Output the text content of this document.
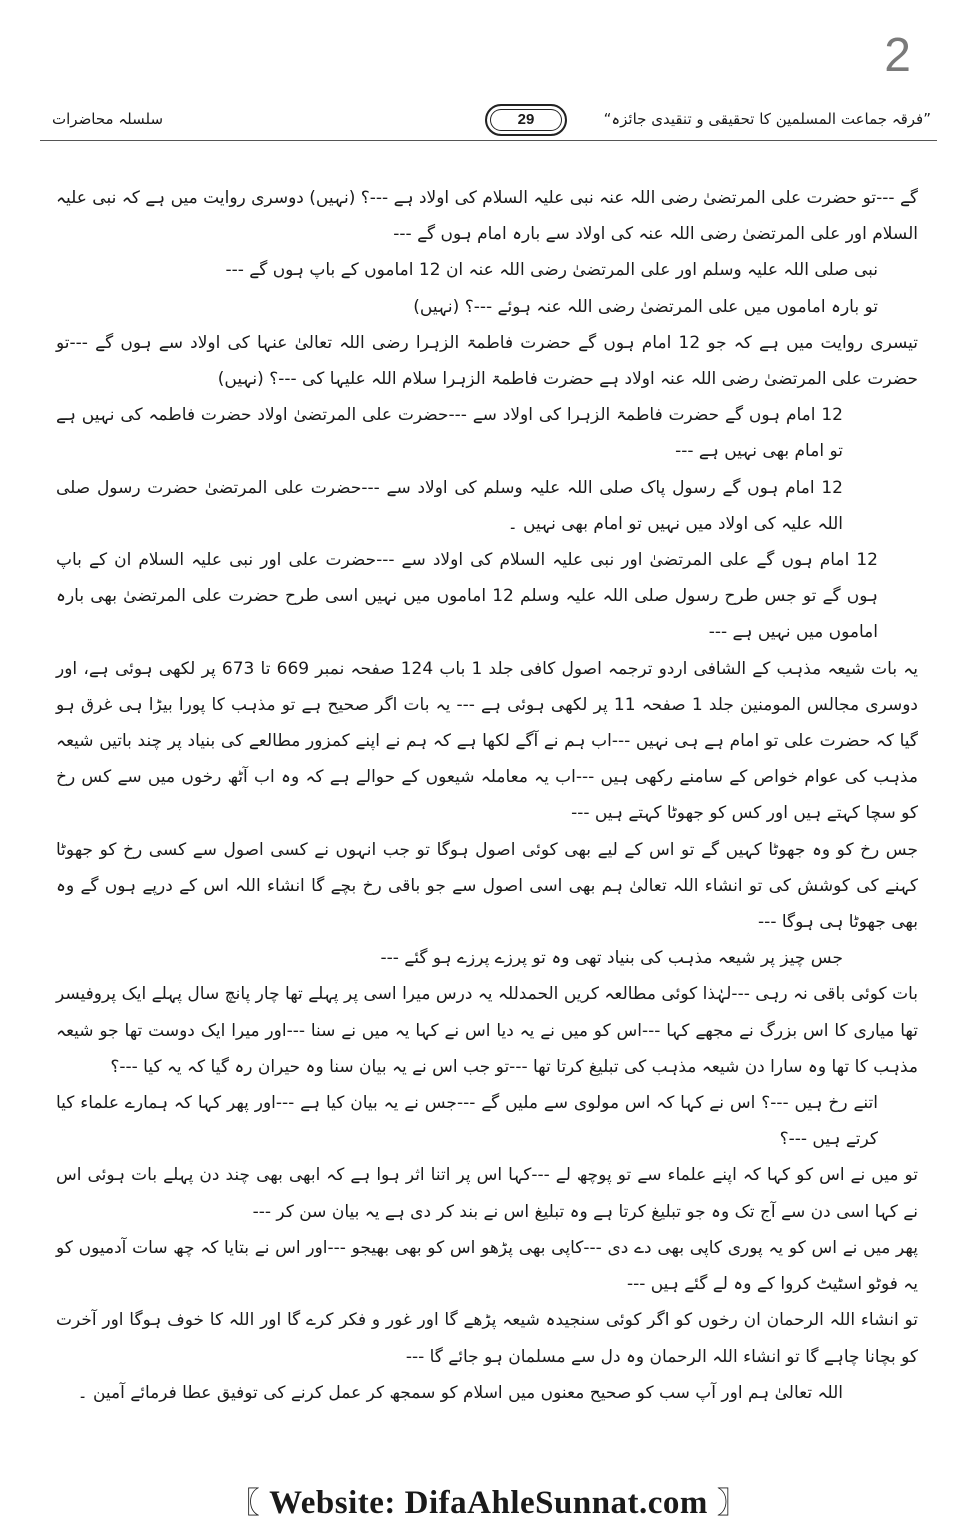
2
سلسلہ محاضرات	29	”فرقہ جماعت المسلمین کا تحقیقی و تنقیدی جائزہ“

گے ---تو حضرت علی المرتضیٰ رضی اللہ عنہ نبی علیہ السلام کی اولاد ہے ---؟ (نہیں) دوسری روایت میں ہے کہ نبی علیہ السلام اور علی المرتضیٰ رضی اللہ عنہ کی اولاد سے بارہ امام ہوں گے ---

نبی صلی اللہ علیہ وسلم اور علی المرتضیٰ رضی اللہ عنہ ان 12 اماموں کے باپ ہوں گے ---

تو بارہ اماموں میں علی المرتضیٰ رضی اللہ عنہ ہوئے ---؟ (نہیں)

تیسری روایت میں ہے کہ جو 12 امام ہوں گے حضرت فاطمۃ الزہرا رضی اللہ تعالیٰ عنہا کی اولاد سے ہوں گے ---تو حضرت علی المرتضیٰ رضی اللہ عنہ اولاد ہے حضرت فاطمۃ الزہرا سلام اللہ علیہا کی ---؟ (نہیں)

12 امام ہوں گے حضرت فاطمۃ الزہرا کی اولاد سے ---حضرت علی المرتضیٰ اولاد حضرت فاطمہ کی نہیں ہے تو امام بھی نہیں ہے ---

12 امام ہوں گے رسول پاک صلی اللہ علیہ وسلم کی اولاد سے ---حضرت علی المرتضیٰ حضرت رسول صلی اللہ علیہ کی اولاد میں نہیں تو امام بھی نہیں ۔

12 امام ہوں گے علی المرتضیٰ اور نبی علیہ السلام کی اولاد سے ---حضرت علی اور نبی علیہ السلام ان کے باپ ہوں گے تو جس طرح رسول صلی اللہ علیہ وسلم 12 اماموں میں نہیں اسی طرح حضرت علی المرتضیٰ بھی بارہ اماموں میں نہیں ہے ---

یہ بات شیعہ مذہب کے الشافی اردو ترجمہ اصول کافی جلد 1 باب 124 صفحہ نمبر 669 تا 673 پر لکھی ہوئی ہے، اور دوسری مجالس المومنین جلد 1 صفحہ 11 پر لکھی ہوئی ہے --- یہ بات اگر صحیح ہے تو مذہب کا پورا بیڑا ہی غرق ہو گیا کہ حضرت علی تو امام ہے ہی نہیں ---اب ہم نے آگے لکھا ہے کہ ہم نے اپنے کمزور مطالعے کی بنیاد پر چند باتیں شیعہ مذہب کی عوام خواص کے سامنے رکھی ہیں ---اب یہ معاملہ شیعوں کے حوالے ہے کہ وہ اب آٹھ رخوں میں سے کس رخ کو سچا کہتے ہیں اور کس کو جھوٹا کہتے ہیں ---

جس رخ کو وہ جھوٹا کہیں گے تو اس کے لیے بھی کوئی اصول ہوگا تو جب انہوں نے کسی اصول سے کسی رخ کو جھوٹا کہنے کی کوشش کی تو انشاء اللہ تعالیٰ ہم بھی اسی اصول سے جو باقی رخ بچے گا انشاء اللہ اس کے درپے ہوں گے وہ بھی جھوٹا ہی ہوگا ---

جس چیز پر شیعہ مذہب کی بنیاد تھی وہ تو پرزے پرزے ہو گئے ---

بات کوئی باقی نہ رہی ---لہٰذا کوئی مطالعہ کریں الحمدللہ یہ درس میرا اسی پر پہلے تھا چار پانچ سال پہلے ایک پروفیسر تھا میاری کا اس بزرگ نے مجھے کہا ---اس کو میں نے یہ دیا اس نے کہا یہ میں نے سنا ---اور میرا ایک دوست تھا جو شیعہ مذہب کا تھا وہ سارا دن شیعہ مذہب کی تبلیغ کرتا تھا ---تو جب اس نے یہ بیان سنا وہ حیران رہ گیا کہ یہ کیا ---؟

اتنے رخ ہیں ---؟ اس نے کہا کہ اس مولوی سے ملیں گے ---جس نے یہ بیان کیا ہے ---اور پھر کہا کہ ہمارے علماء کیا کرتے ہیں ---؟

تو میں نے اس کو کہا کہ اپنے علماء سے تو پوچھ لے ---کہا اس پر اتنا اثر ہوا ہے کہ ابھی بھی چند دن پہلے بات ہوئی اس نے کہا اسی دن سے آج تک وہ جو تبلیغ کرتا ہے وہ تبلیغ اس نے بند کر دی ہے یہ بیان سن کر ---

پھر میں نے اس کو یہ پوری کاپی بھی دے دی ---کاپی بھی پڑھو اس کو بھی بھیجو ---اور اس نے بتایا کہ چھ سات آدمیوں کو یہ فوٹو اسٹیٹ کروا کے وہ لے گئے ہیں ---

تو انشاء اللہ الرحمان ان رخوں کو اگر کوئی سنجیدہ شیعہ پڑھے گا اور غور و فکر کرے گا اور اللہ کا خوف ہوگا اور آخرت کو بچانا چاہے گا تو انشاء اللہ الرحمان وہ دل سے مسلمان ہو جائے گا ---

اللہ تعالیٰ ہم اور آپ سب کو صحیح معنوں میں اسلام کو سمجھ کر عمل کرنے کی توفیق عطا فرمائے آمین ۔

〖 Website: DifaAhleSunnat.com 〗
